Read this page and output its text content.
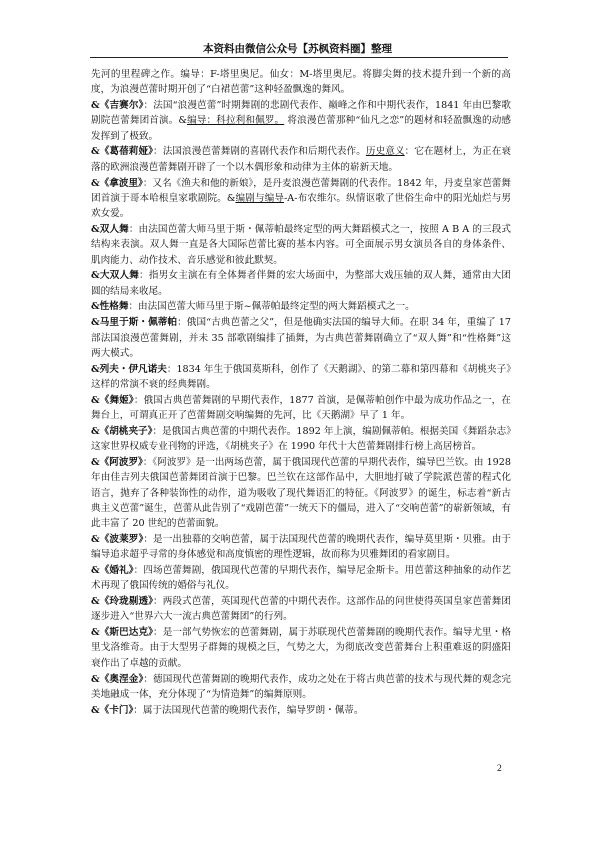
本资料由微信公众号【苏枫资料圈】整理

先河的里程碑之作。编导：F-塔里奥尼。仙女：M-塔里奥尼。将脚尖舞的技术提升到一个新的高度，为浪漫芭蕾时期开创了“白裙芭蕾”这种轻盈飘逸的舞风。

&《吉赛尔》：法国“浪漫芭蕾”时期舞剧的悲剧代表作、巅峰之作和中期代表作，1841 年由巴黎歌剧院芭蕾舞团首演。&编导：科拉利和佩罗。 将浪漫芭蕾那种“仙凡之恋”的题材和轻盈飘逸的动感发挥到了极致。

&《葛蓓莉娅》：法国浪漫芭蕾舞剧的喜剧代表作和后期代表作。历史意义：它在题材上，为正在衰落的欧洲浪漫芭蕾舞剧开辟了一个以木偶形象和动律为主体的崭新天地。

&《拿波里》：又名《渔夫和他的新娘》，是丹麦浪漫芭蕾舞剧的代表作。1842 年，丹麦皇家芭蕾舞团首演于哥本哈根皇家歌剧院。&编剧与编导-A-布农维尔。纵情讴歌了世俗生命中的阳光灿烂与男欢女爱。

&双人舞：由法国芭蕾大师马里于斯・佩蒂帕最终定型的两大舞蹈模式之一，按照 A B A 的三段式结构来表演。双人舞一直是各大国际芭蕾比赛的基本内容。可全面展示男女演员各自的身体条件、肌肉能力、动作技术、音乐感觉和彼此默契。

&大双人舞：指男女主演在有全体舞者伴舞的宏大场面中，为整部大戏压轴的双人舞，通常由大团圆的结局来收尾。

&性格舞：由法国芭蕾大师马里于斯~佩蒂帕最终定型的两大舞蹈模式之一。

&马里于斯・佩蒂帕：俄国“古典芭蕾之父”，但是他确实法国的编导大师。在职 34 年，重编了 17 部法国浪漫芭蕾舞剧，并未 35 部歌剧编排了插舞，为古典芭蕾舞剧确立了“双人舞”和“性格舞”这两大模式。

&列夫・伊凡诺夫：1834 年生于俄国莫斯科，创作了《天鹅湖》、的第二幕和第四幕和《胡桃夹子》这样的常演不衰的经典舞剧。

&《舞姬》：俄国古典芭蕾舞剧的早期代表作，1877 首演，是佩蒂帕创作中最为成功作品之一，在舞台上，可谓真正开了芭蕾舞剧交响编舞的先河，比《天鹅湖》早了 1 年。

&《胡桃夹子》：是俄国古典芭蕾的中期代表作。1892 年上演，编剧佩蒂帕。根据美国《舞蹈杂志》这家世界权威专业刊物的评选，《胡桃夹子》在 1990 年代十大芭蕾舞剧排行榜上高居榜首。

&《阿波罗》：《阿波罗》是一出两场芭蕾，属于俄国现代芭蕾的早期代表作，编导巴兰钦。由 1928 年由佳吉列夫俄国芭蕾舞团首演于巴黎。巴兰钦在这部作品中，大胆地打破了学院派芭蕾的程式化语言，抛弃了各种装饰性的动作，道为吸收了现代舞语汇的特征。《阿波罗》的诞生，标志着“新古典主义芭蕾”诞生，芭蕾从此告别了“戏剧芭蕾”一统天下的僵局，进入了“交响芭蕾”的崭新领域，有此丰富了 20 世纪的芭蕾面貌。

&《波莱罗》：是一出独幕的交响芭蕾，属于法国现代芭蕾的晚期代表作，编导莫里斯・贝雅。由于编导追求超乎寻常的身体感觉和高度慎密的理性逻辑，故而称为贝雅舞团的看家剧目。

&《婚礼》：四场芭蕾舞剧，俄国现代芭蕾的早期代表作，编导尼金斯卡。用芭蕾这种抽象的动作艺术再现了俄国传统的婚俗与礼仪。

&《玲珑剔透》：两段式芭蕾，英国现代芭蕾的中期代表作。这部作品的问世使得英国皇家芭蕾舞团逐步进入“世界六大一流古典芭蕾舞团”的行列。

&《斯巴达克》：是一部气势恢宏的芭蕾舞剧，属于苏联现代芭蕾舞剧的晚期代表作。编导尤里・格里戈洛维奇。由于大型男子群舞的规模之巨，气势之大，为彻底改变芭蕾舞台上积重难返的阴盛阳衰作出了卓越的贡献。

&《奥涅金》：德国现代芭蕾舞剧的晚期代表作，成功之处在于将古典芭蕾的技术与现代舞的观念完美地融成一体，充分体现了“为情造舞”的编舞原则。

&《卡门》：属于法国现代芭蕾的晚期代表作，编导罗朗・佩蒂。

2
